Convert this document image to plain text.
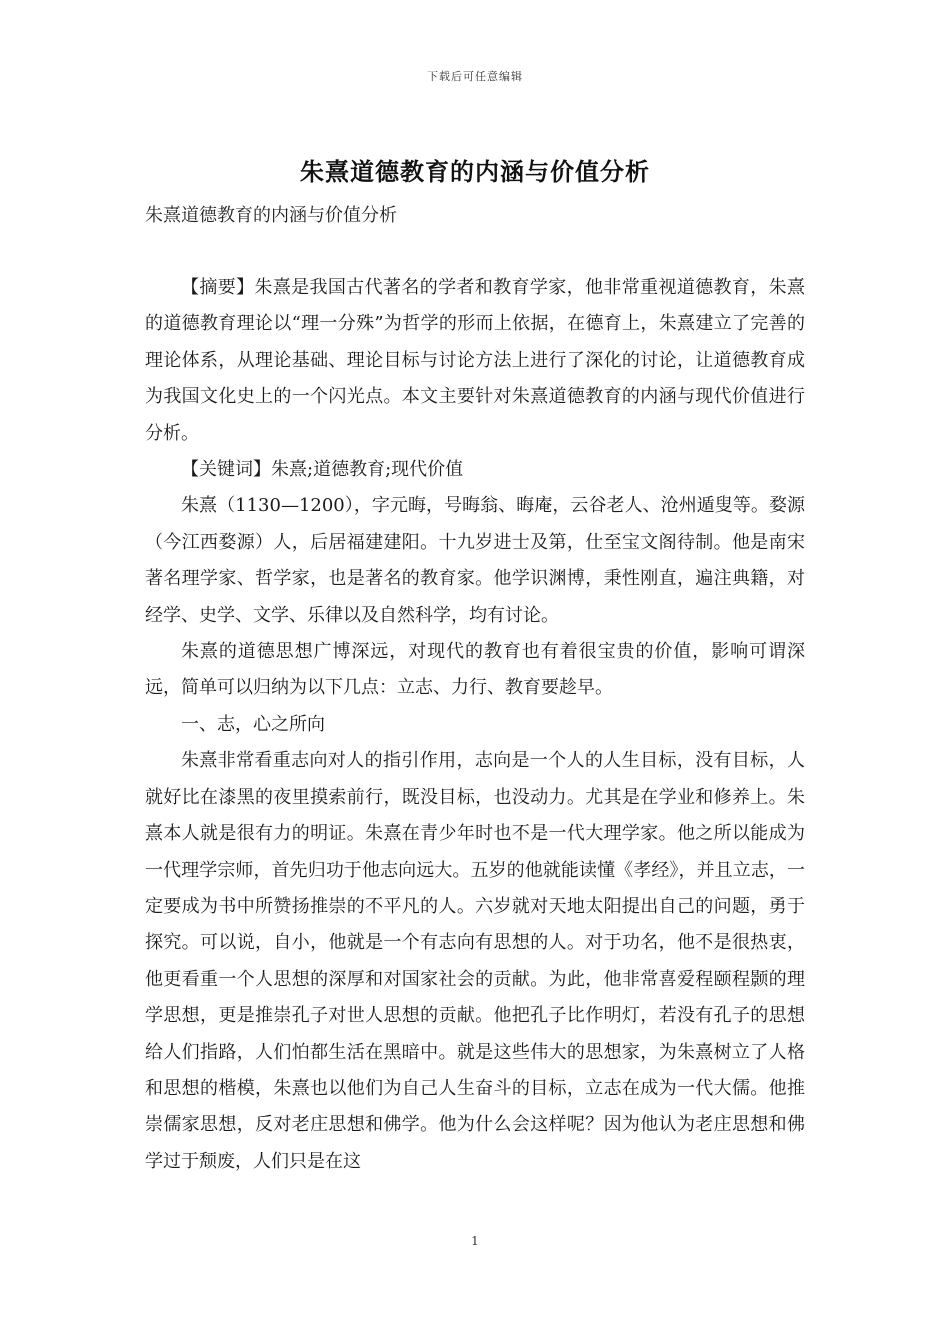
下载后可任意编辑
朱熹道德教育的内涵与价值分析
朱熹道德教育的内涵与价值分析

【摘要】朱熹是我国古代著名的学者和教育学家，他非常重视道德教育，朱熹的道德教育理论以“理一分殊”为哲学的形而上依据，在德育上，朱熹建立了完善的理论体系，从理论基础、理论目标与讨论方法上进行了深化的讨论，让道德教育成为我国文化史上的一个闪光点。本文主要针对朱熹道德教育的内涵与现代价值进行分析。

【关键词】朱熹;道德教育;现代价值

朱熹（1130—1200），字元晦，号晦翁、晦庵，云谷老人、沧州遁叟等。婺源（今江西婺源）人，后居福建建阳。十九岁进士及第，仕至宝文阁待制。他是南宋著名理学家、哲学家，也是著名的教育家。他学识渊博，秉性刚直，遍注典籍，对经学、史学、文学、乐律以及自然科学，均有讨论。

朱熹的道德思想广博深远，对现代的教育也有着很宝贵的价值，影响可谓深远，简单可以归纳为以下几点：立志、力行、教育要趁早。

一、志，心之所向

朱熹非常看重志向对人的指引作用，志向是一个人的人生目标，没有目标，人就好比在漆黑的夜里摸索前行，既没目标，也没动力。尤其是在学业和修养上。朱熹本人就是很有力的明证。朱熹在青少年时也不是一代大理学家。他之所以能成为一代理学宗师，首先归功于他志向远大。五岁的他就能读懂《孝经》，并且立志，一定要成为书中所赞扬推崇的不平凡的人。六岁就对天地太阳提出自己的问题，勇于探究。可以说，自小，他就是一个有志向有思想的人。对于功名，他不是很热衷，他更看重一个人思想的深厚和对国家社会的贡献。为此，他非常喜爱程颐程颢的理学思想，更是推崇孔子对世人思想的贡献。他把孔子比作明灯，若没有孔子的思想给人们指路，人们怕都生活在黑暗中。就是这些伟大的思想家，为朱熹树立了人格和思想的楷模，朱熹也以他们为自己人生奋斗的目标，立志在成为一代大儒。他推崇儒家思想，反对老庄思想和佛学。他为什么会这样呢？因为他认为老庄思想和佛学过于颓废，人们只是在这

1
